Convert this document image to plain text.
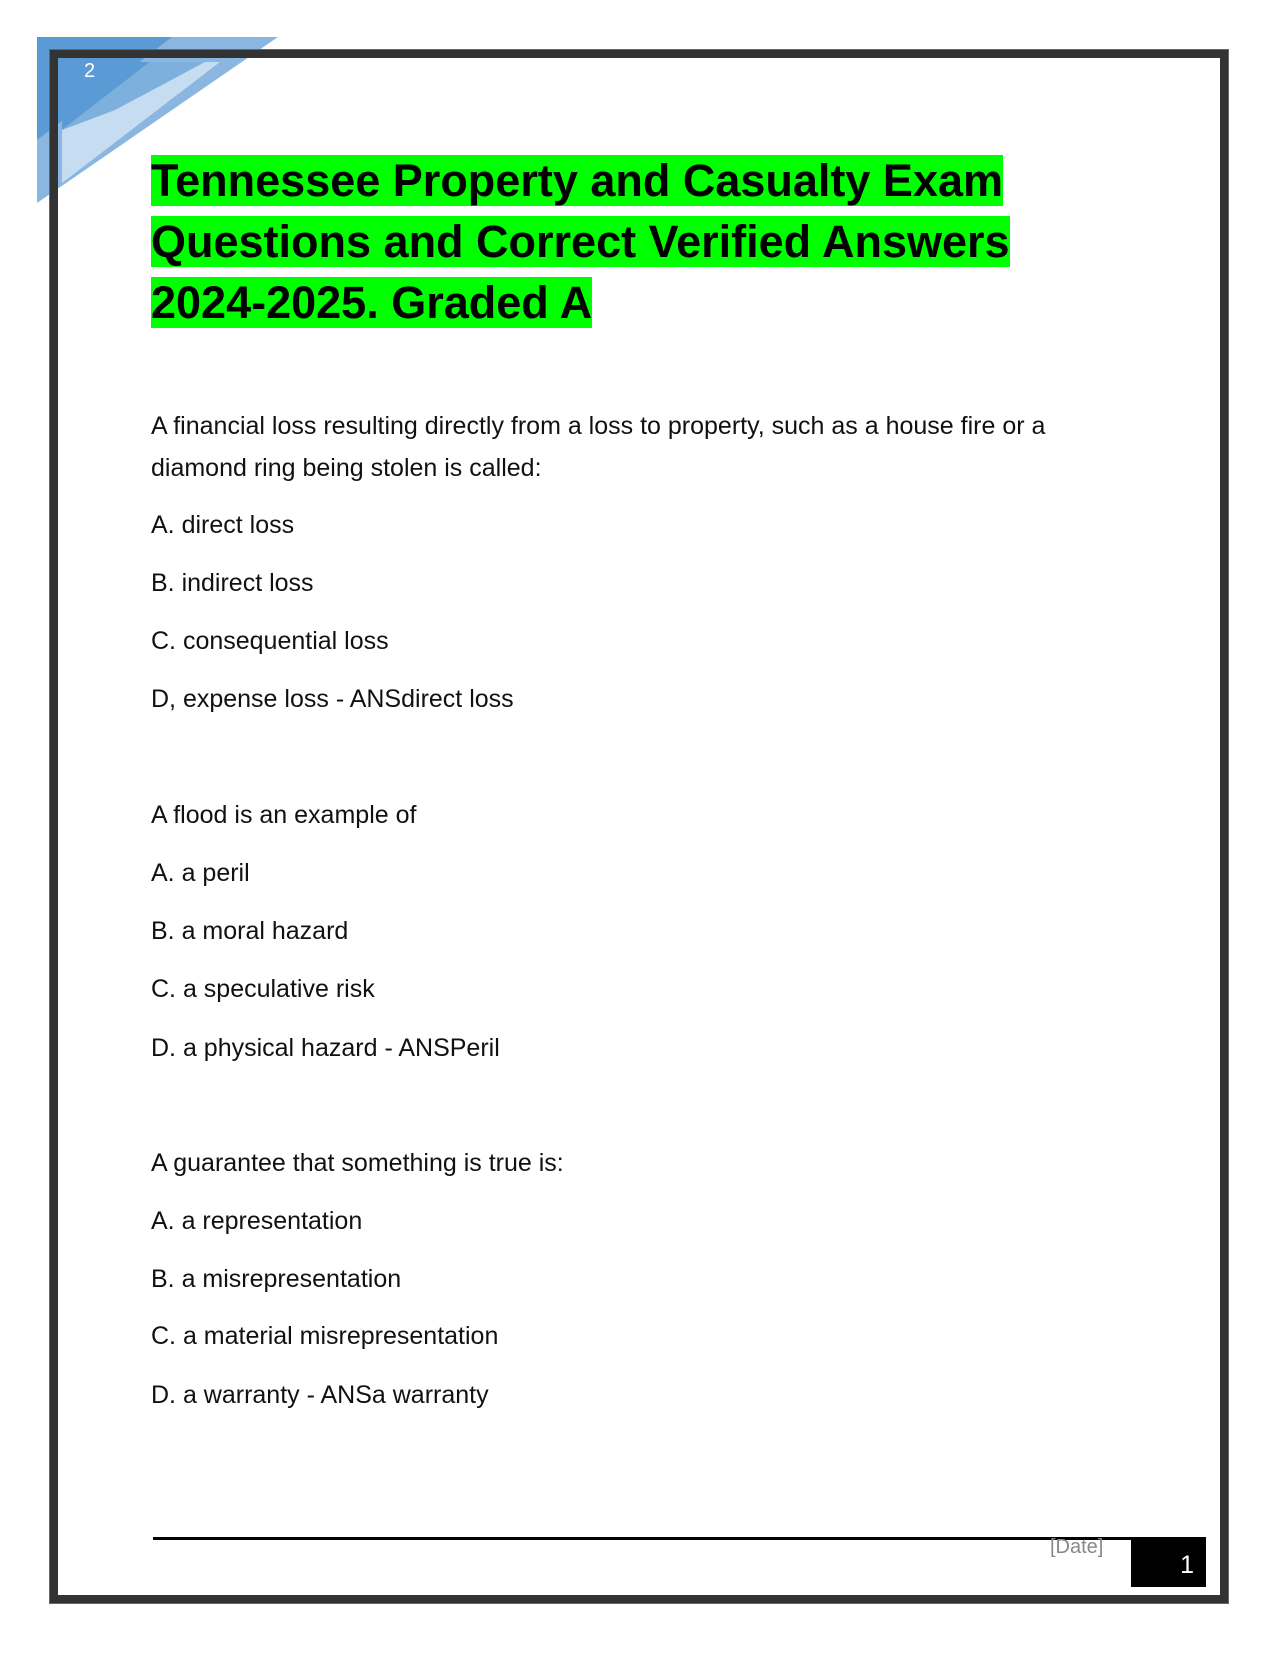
2
Tennessee Property and Casualty Exam Questions and Correct Verified Answers 2024-2025. Graded A
A financial loss resulting directly from a loss to property, such as a house fire or a
diamond ring being stolen is called:
A. direct loss
B. indirect loss
C. consequential loss
D, expense loss - ANSdirect loss
A flood is an example of
A. a peril
B. a moral hazard
C. a speculative risk
D. a physical hazard - ANSPeril
A guarantee that something is true is:
A. a representation
B. a misrepresentation
C. a material misrepresentation
D. a warranty - ANSa warranty
[Date]
1
